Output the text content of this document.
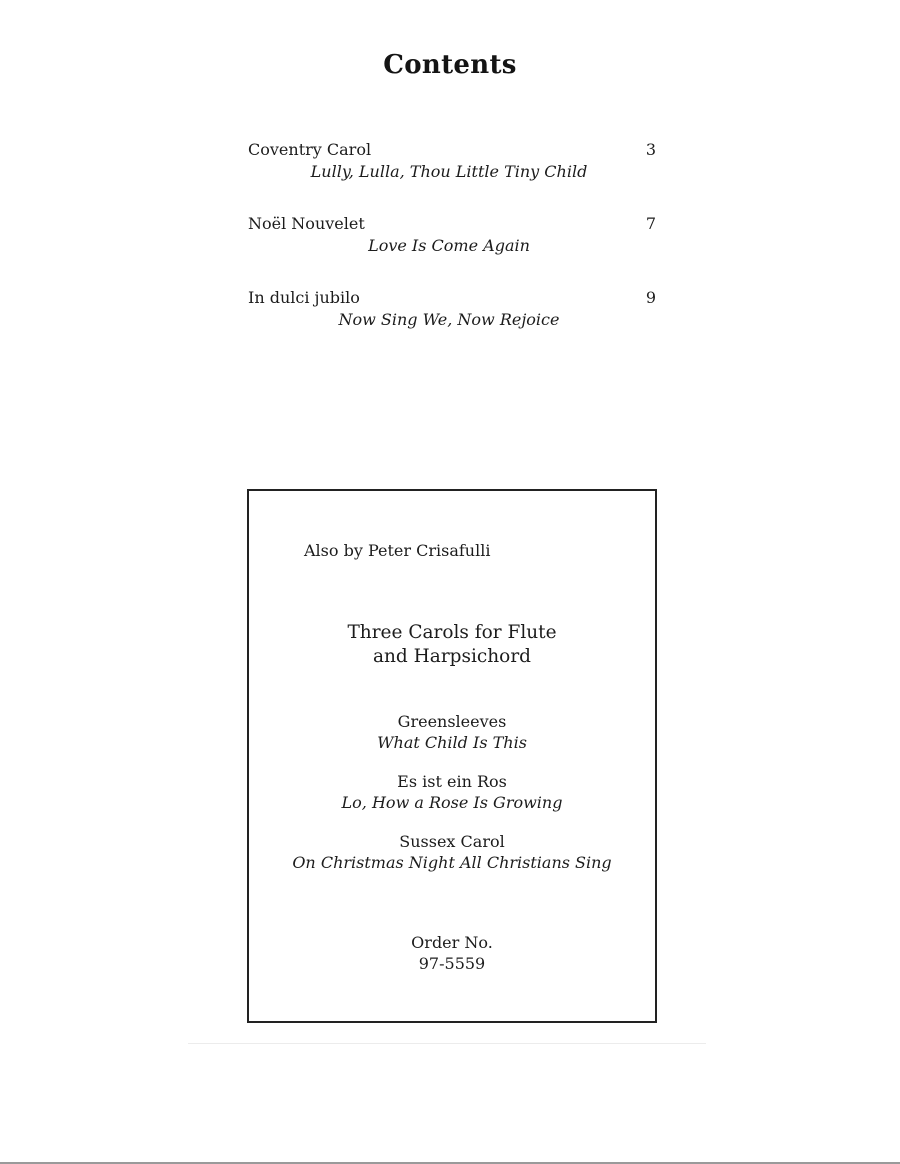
Contents
Coventry Carol	3
Lully, Lulla, Thou Little Tiny Child
Noël Nouvelet	7
Love Is Come Again
In dulci jubilo	9
Now Sing We, Now Rejoice
Also by Peter Crisafulli
Three Carols for Flute
and Harpsichord
Greensleeves
What Child Is This
Es ist ein Ros
Lo, How a Rose Is Growing
Sussex Carol
On Christmas Night All Christians Sing
Order No.
97-5559
